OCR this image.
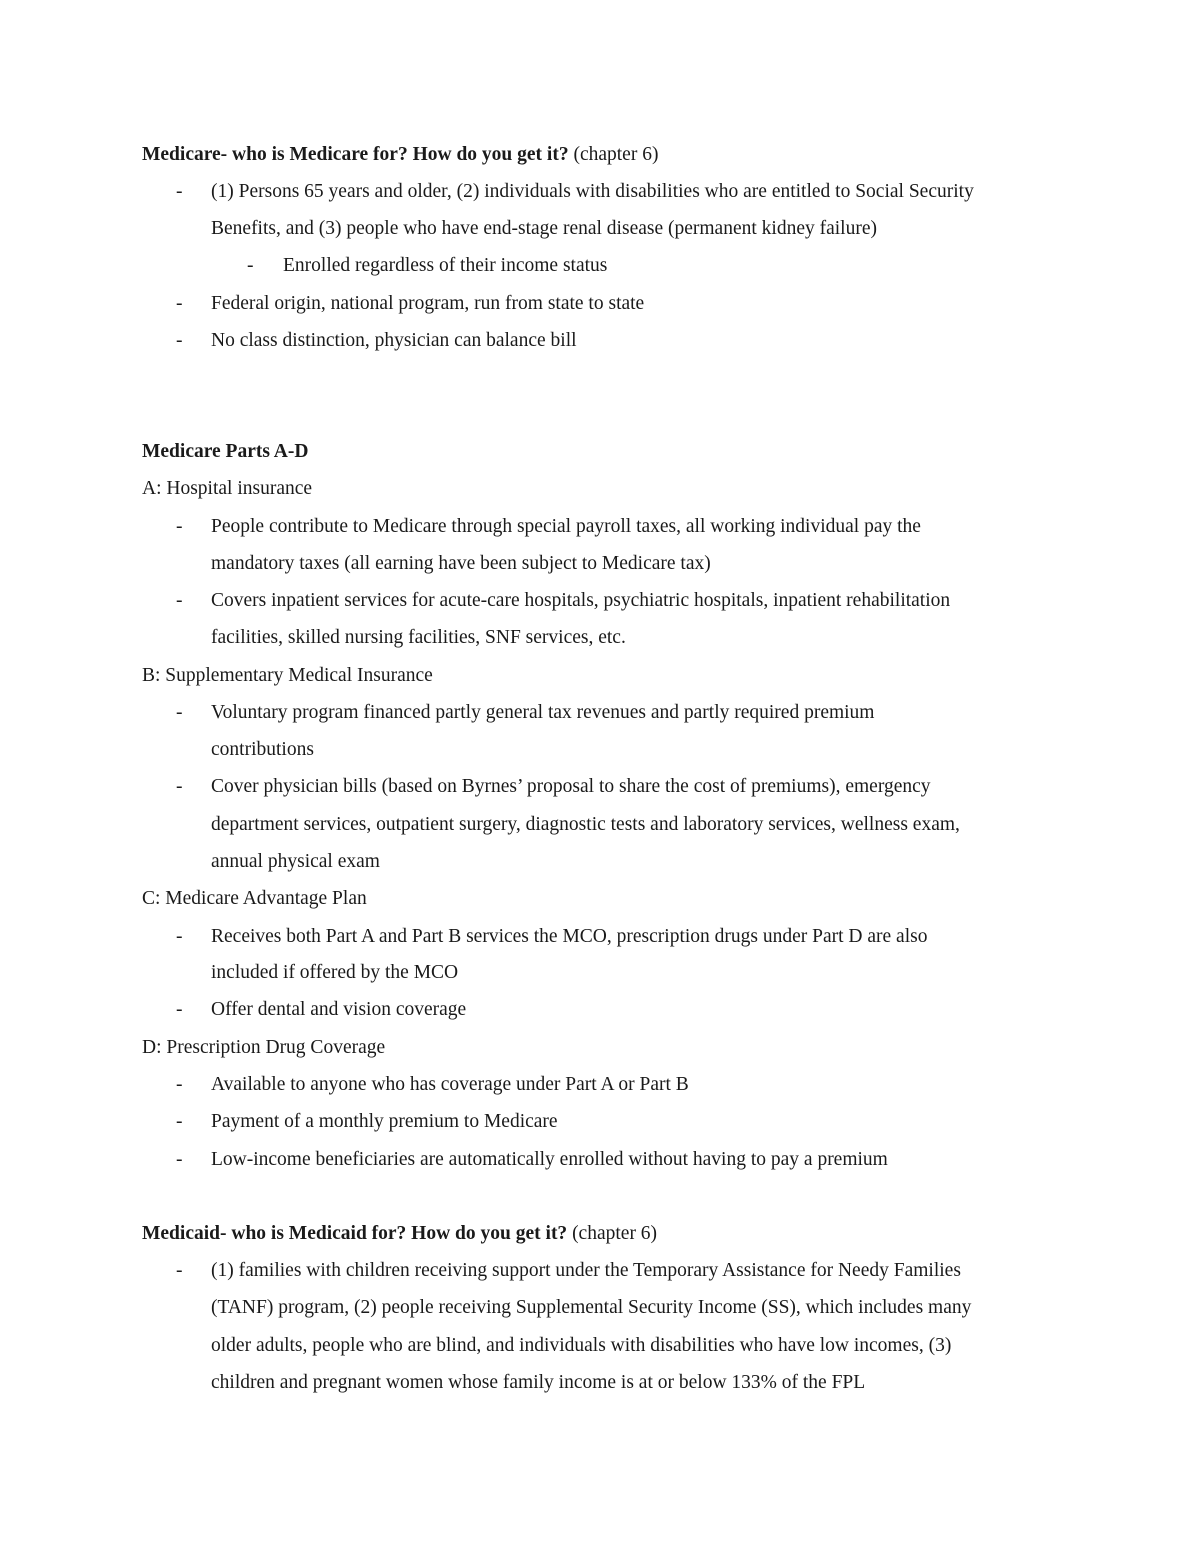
Medicare- who is Medicare for? How do you get it? (chapter 6)
- (1) Persons 65 years and older, (2) individuals with disabilities who are entitled to Social Security
Benefits, and (3) people who have end-stage renal disease (permanent kidney failure)
- Enrolled regardless of their income status
- Federal origin, national program, run from state to state
- No class distinction, physician can balance bill
Medicare Parts A-D
A: Hospital insurance
- People contribute to Medicare through special payroll taxes, all working individual pay the
mandatory taxes (all earning have been subject to Medicare tax)
- Covers inpatient services for acute-care hospitals, psychiatric hospitals, inpatient rehabilitation
facilities, skilled nursing facilities, SNF services, etc.
B: Supplementary Medical Insurance
- Voluntary program financed partly general tax revenues and partly required premium
contributions
- Cover physician bills (based on Byrnes’ proposal to share the cost of premiums), emergency
department services, outpatient surgery, diagnostic tests and laboratory services, wellness exam,
annual physical exam
C: Medicare Advantage Plan
- Receives both Part A and Part B services the MCO, prescription drugs under Part D are also
included if offered by the MCO
- Offer dental and vision coverage
D: Prescription Drug Coverage
- Available to anyone who has coverage under Part A or Part B
- Payment of a monthly premium to Medicare
- Low-income beneficiaries are automatically enrolled without having to pay a premium
Medicaid- who is Medicaid for? How do you get it? (chapter 6)
- (1) families with children receiving support under the Temporary Assistance for Needy Families
(TANF) program, (2) people receiving Supplemental Security Income (SS), which includes many
older adults, people who are blind, and individuals with disabilities who have low incomes, (3)
children and pregnant women whose family income is at or below 133% of the FPL
